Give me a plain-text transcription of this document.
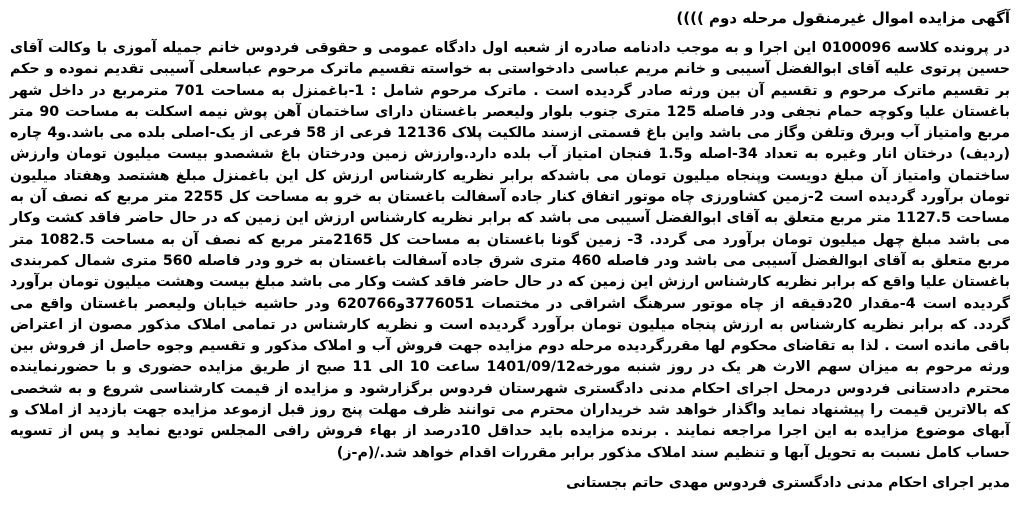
آگهی مزایده اموال غیرمنقول مرحله دوم ))))

در پرونده کلاسه 0100096 این اجرا و به موجب دادنامه صادره از شعبه اول دادگاه عمومی و حقوقی فردوس خانم جمیله آموزی با وکالت آقای حسین پرتوی علیه آقای ابوالفضل آسیبی و خانم مریم عباسی دادخواستی به خواسته تقسیم ماترک مرحوم عباسعلی آسیبی تقدیم نموده و حکم بر تقسیم ماترک مرحوم و تقسیم آن بین ورثه صادر گردیده است . ماترک مرحوم شامل : 1-باغمنزل به مساحت 701 مترمربع در داخل شهر باغستان علیا وکوچه حمام نجفی ودر فاصله 125 متری جنوب بلوار ولیعصر باغستان دارای ساختمان آهن پوش نیمه اسکلت به مساحت 90 متر مربع وامتیاز آب وبرق وتلفن وگاز می باشد واین باغ قسمتی ازسند مالکیت پلاک 12136 فرعی از 58 فرعی از یک-اصلی بلده می باشد.و4 چاره (ردیف) درختان انار وغیره به تعداد 34-اصله و1.5 فنجان امتیاز آب بلده دارد.وارزش زمین ودرختان باغ ششصدو بیست میلیون تومان وارزش ساختمان وامتیاز آن مبلغ دویست وپنجاه میلیون تومان می باشدکه برابر نظریه کارشناس ارزش کل این باغمنزل مبلغ هشتصد وهفتاد میلیون تومان برآورد گردیده است 2-زمین کشاورزی چاه موتور اتفاق کنار جاده آسفالت باغستان به خرو به مساحت کل 2255 متر مربع که نصف آن به مساحت 1127.5 متر مربع متعلق به آقای ابوالفضل آسیبی می باشد که برابر نظریه کارشناس ارزش این زمین که در حال حاضر فاقد کشت وکار می باشد مبلغ چهل میلیون تومان برآورد می گردد. 3- زمین گونا باغستان به مساحت کل 2165متر مربع که نصف آن به مساحت 1082.5 متر مربع متعلق به آقای ابوالفضل آسیبی می باشد ودر فاصله 460 متری شرق جاده آسفالت باغستان به خرو ودر فاصله 560 متری شمال کمربندی باغستان علیا واقع که برابر نظریه کارشناس ارزش این زمین که در حال حاضر فاقد کشت وکار می باشد مبلغ بیست وهشت میلیون تومان برآورد گردیده است 4-مقدار 20دقیقه از چاه موتور سرهنگ اشراقی در مختصات 3776051و620766 ودر حاشیه خیابان ولیعصر باغستان واقع می گردد. که برابر نظریه کارشناس به ارزش پنجاه میلیون تومان برآورد گردیده است و نظریه کارشناس در تمامی املاک مذکور مصون از اعتراض باقی مانده است . لذا به تقاضای محکوم لها مقررگردیده مرحله دوم مزایده جهت فروش آب و املاک مذکور و تقسیم وجوه حاصل از فروش بین ورثه مرحوم به میزان سهم الارث هر یک در روز شنبه مورخه1401/09/12 ساعت 10 الی 11 صبح از طریق مزایده حضوری و با حضورنماینده محترم دادستانی فردوس درمحل اجرای احکام مدنی دادگستری شهرستان فردوس برگزارشود و مزایده از قیمت کارشناسی شروع و به شخصی که بالاترین قیمت را پیشنهاد نماید واگذار خواهد شد خریداران محترم می توانند ظرف مهلت پنج روز قبل ازموعد مزایده جهت بازدید از املاک و آبهای موضوع مزایده به این اجرا مراجعه نمایند . برنده مزایده باید حداقل 10درصد از بهاء فروش رافی المجلس تودیع نماید و پس از تسویه حساب کامل نسبت به تحویل آبها و تنظیم سند املاک مذکور برابر مقررات اقدام خواهد شد./(م-ز)

مدیر اجرای احکام مدنی دادگستری فردوس مهدی حاتم بجستانی
